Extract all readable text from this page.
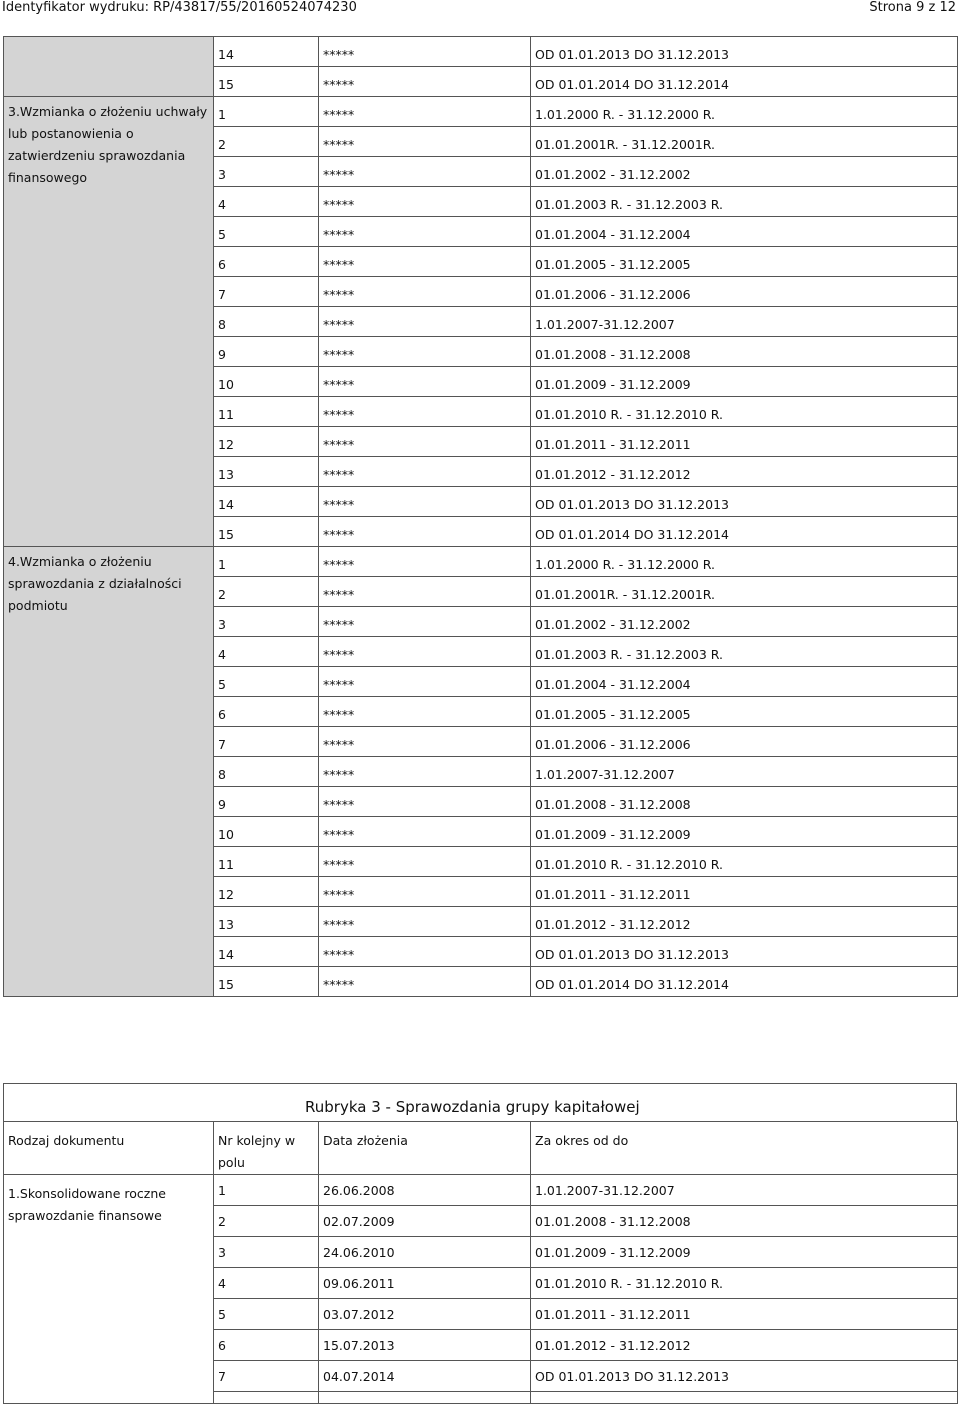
Identyfikator wydruku: RP/43817/55/20160524074230	Strona 9 z 12
	14	*****	OD 01.01.2013 DO 31.12.2013
	15	*****	OD 01.01.2014 DO 31.12.2014
3.Wzmianka o złożeniu uchwały lub postanowienia o zatwierdzeniu sprawozdania finansowego	1	*****	1.01.2000 R. - 31.12.2000 R.
	2	*****	01.01.2001R. - 31.12.2001R.
	3	*****	01.01.2002 - 31.12.2002
	4	*****	01.01.2003 R. - 31.12.2003 R.
	5	*****	01.01.2004 - 31.12.2004
	6	*****	01.01.2005 - 31.12.2005
	7	*****	01.01.2006 - 31.12.2006
	8	*****	1.01.2007-31.12.2007
	9	*****	01.01.2008 - 31.12.2008
	10	*****	01.01.2009 - 31.12.2009
	11	*****	01.01.2010 R. - 31.12.2010 R.
	12	*****	01.01.2011 - 31.12.2011
	13	*****	01.01.2012 - 31.12.2012
	14	*****	OD 01.01.2013 DO 31.12.2013
	15	*****	OD 01.01.2014 DO 31.12.2014
4.Wzmianka o złożeniu sprawozdania z działalności podmiotu	1	*****	1.01.2000 R. - 31.12.2000 R.
	2	*****	01.01.2001R. - 31.12.2001R.
	3	*****	01.01.2002 - 31.12.2002
	4	*****	01.01.2003 R. - 31.12.2003 R.
	5	*****	01.01.2004 - 31.12.2004
	6	*****	01.01.2005 - 31.12.2005
	7	*****	01.01.2006 - 31.12.2006
	8	*****	1.01.2007-31.12.2007
	9	*****	01.01.2008 - 31.12.2008
	10	*****	01.01.2009 - 31.12.2009
	11	*****	01.01.2010 R. - 31.12.2010 R.
	12	*****	01.01.2011 - 31.12.2011
	13	*****	01.01.2012 - 31.12.2012
	14	*****	OD 01.01.2013 DO 31.12.2013
	15	*****	OD 01.01.2014 DO 31.12.2014
Rubryka 3 - Sprawozdania grupy kapitałowej
Rodzaj dokumentu	Nr kolejny w polu	Data złożenia	Za okres od do
1.Skonsolidowane roczne sprawozdanie finansowe	1	26.06.2008	1.01.2007-31.12.2007
	2	02.07.2009	01.01.2008 - 31.12.2008
	3	24.06.2010	01.01.2009 - 31.12.2009
	4	09.06.2011	01.01.2010 R. - 31.12.2010 R.
	5	03.07.2012	01.01.2011 - 31.12.2011
	6	15.07.2013	01.01.2012 - 31.12.2012
	7	04.07.2014	OD 01.01.2013 DO 31.12.2013
